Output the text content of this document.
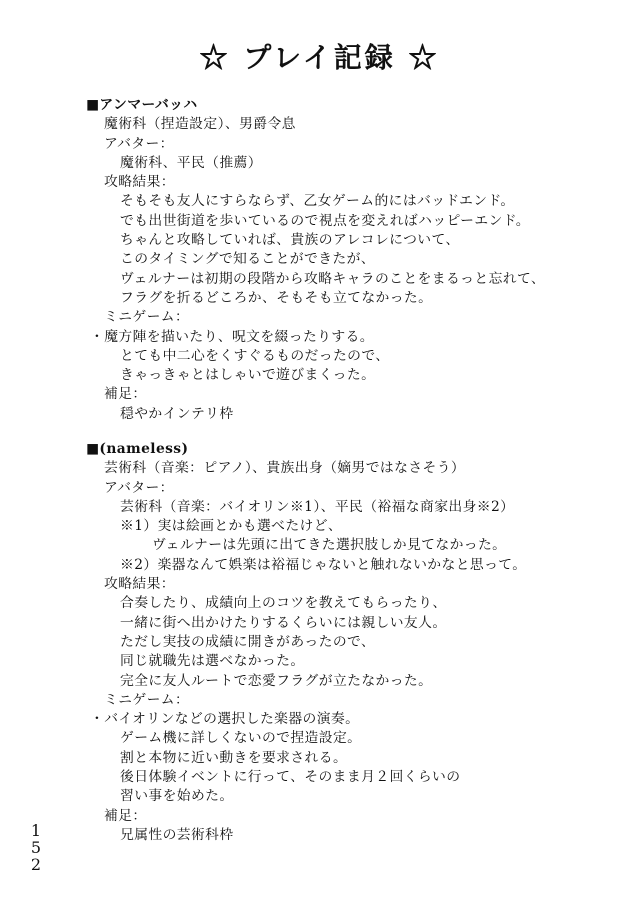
☆ プレイ記録 ☆
■アンマーバッハ
魔術科（捏造設定）、男爵令息
アバター：
魔術科、平民（推薦）
攻略結果：
そもそも友人にすらならず、乙女ゲーム的にはバッドエンド。
でも出世街道を歩いているので視点を変えればハッピーエンド。
ちゃんと攻略していれば、貴族のアレコレについて、
このタイミングで知ることができたが、
ヴェルナーは初期の段階から攻略キャラのことをまるっと忘れて、
フラグを折るどころか、そもそも立てなかった。
ミニゲーム：
・魔方陣を描いたり、呪文を綴ったりする。
とても中二心をくすぐるものだったので、
きゃっきゃとはしゃいで遊びまくった。
補足：
穏やかインテリ枠
■(nameless)
芸術科（音楽：ピアノ）、貴族出身（嫡男ではなさそう）
アバター：
芸術科（音楽：バイオリン※1）、平民（裕福な商家出身※2）
※1）実は絵画とかも選べたけど、
ヴェルナーは先頭に出てきた選択肢しか見てなかった。
※2）楽器なんて娯楽は裕福じゃないと触れないかなと思って。
攻略結果：
合奏したり、成績向上のコツを教えてもらったり、
一緒に街へ出かけたりするくらいには親しい友人。
ただし実技の成績に開きがあったので、
同じ就職先は選べなかった。
完全に友人ルートで恋愛フラグが立たなかった。
ミニゲーム：
・バイオリンなどの選択した楽器の演奏。
ゲーム機に詳しくないので捏造設定。
割と本物に近い動きを要求される。
後日体験イベントに行って、そのまま月２回くらいの
習い事を始めた。
補足：
兄属性の芸術科枠
1
5
2
